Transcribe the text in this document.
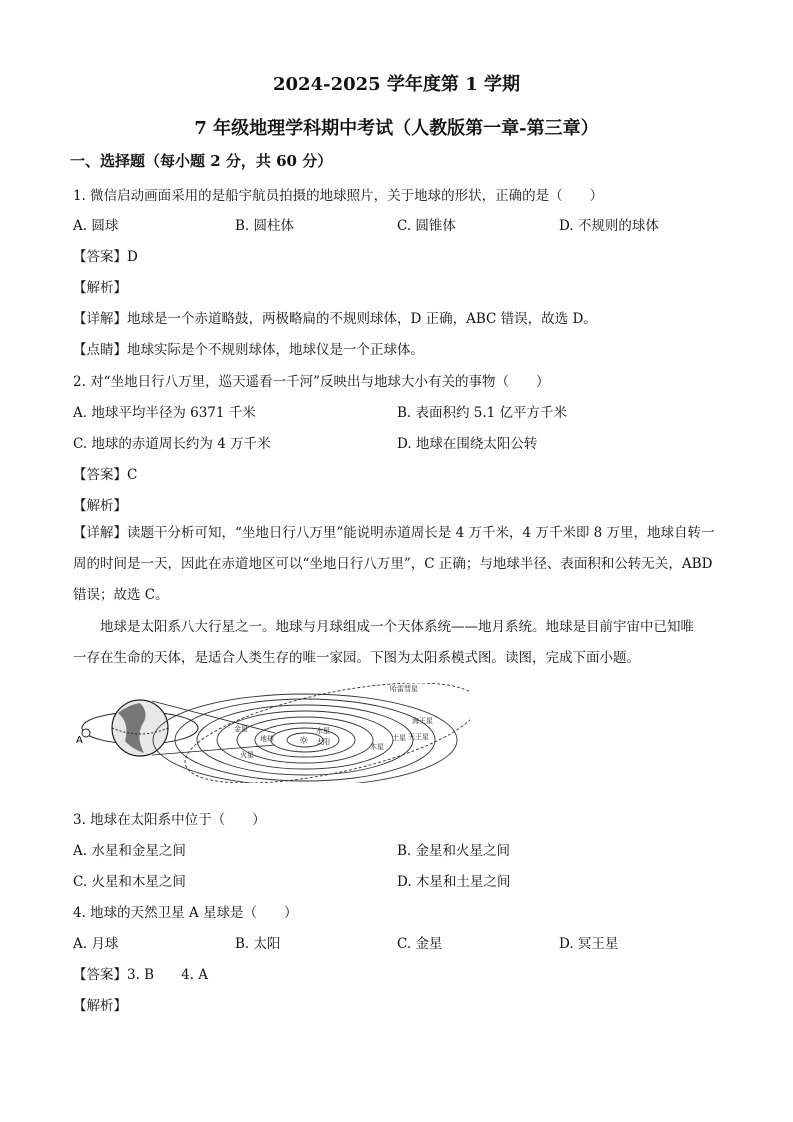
2024-2025 学年度第 1 学期
7 年级地理学科期中考试（人教版第一章-第三章）
一、选择题（每小题 2 分，共 60 分）
1. 微信启动画面采用的是船宇航员拍摄的地球照片，关于地球的形状，正确的是（　　）
A. 圆球	B. 圆柱体	C. 圆锥体	D. 不规则的球体
【答案】D
【解析】
【详解】地球是一个赤道略鼓，两极略扁的不规则球体，D 正确，ABC 错误，故选 D。
【点睛】地球实际是个不规则球体，地球仪是一个正球体。
2. 对“坐地日行八万里，巡天遥看一千河”反映出与地球大小有关的事物（　　）
A. 地球平均半径为 6371 千米	B. 表面积约 5.1 亿平方千米
C. 地球的赤道周长约为 4 万千米	D. 地球在围绕太阳公转
【答案】C
【解析】
【详解】读题干分析可知，“坐地日行八万里”能说明赤道周长是 4 万千米，4 万千米即 8 万里，地球自转一
周的时间是一天，因此在赤道地区可以“坐地日行八万里”，C 正确；与地球半径、表面积和公转无关，ABD
错误；故选 C。
地球是太阳系八大行星之一。地球与月球组成一个天体系统——地月系统。地球是目前宇宙中已知唯
一存在生命的天体，是适合人类生存的唯一家园。下图为太阳系模式图。读图，完成下面小题。
A	☼
哈雷彗星
海王星
天王星
土星
水星
太阳
金星
木星
火星
地球
3. 地球在太阳系中位于（　　）
A. 水星和金星之间	B. 金星和火星之间
C. 火星和木星之间	D. 木星和土星之间
4. 地球的天然卫星 A 星球是（　　）
A. 月球	B. 太阳	C. 金星	D. 冥王星
【答案】3. B　　4. A
【解析】
